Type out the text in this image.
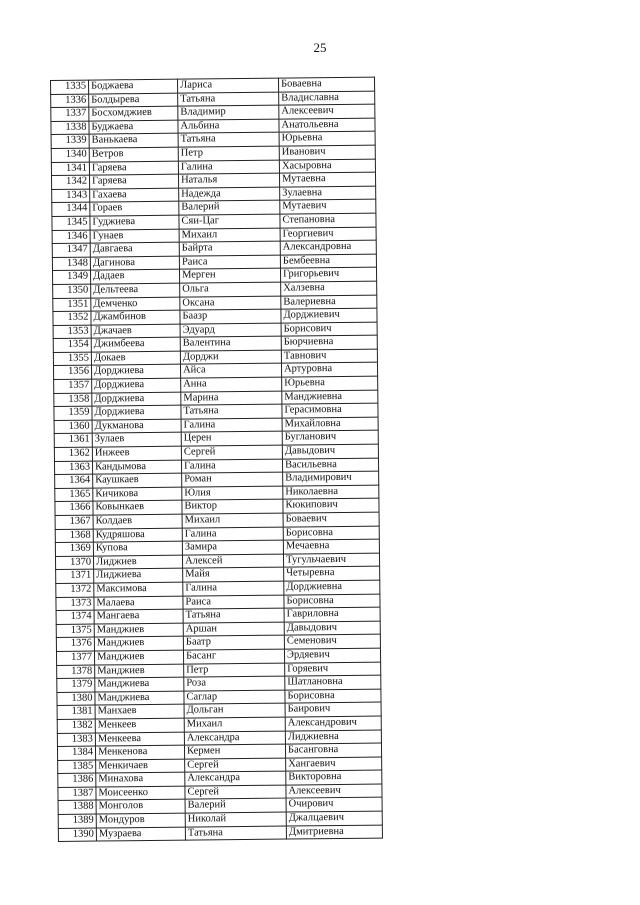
25
1335	Боджаева	Лариса	Боваевна
1336	Болдырева	Татьяна	Владиславна
1337	Босхомджиев	Владимир	Алексеевич
1338	Буджаева	Альбина	Анатольевна
1339	Ванькаева	Татьяна	Юрьевна
1340	Ветров	Петр	Иванович
1341	Гаряева	Галина	Хасыровна
1342	Гаряева	Наталья	Мутаевна
1343	Гахаева	Надежда	Зулаевна
1344	Гораев	Валерий	Мутаевич
1345	Гуджиева	Сяи-Цаг	Степановна
1346	Гунаев	Михаил	Георгиевич
1347	Давгаева	Байрта	Александровна
1348	Дагинова	Раиса	Бембеевна
1349	Дадаев	Мерген	Григорьевич
1350	Дельтеева	Ольга	Халзевна
1351	Демченко	Оксана	Валериевна
1352	Джамбинов	Баазр	Дорджиевич
1353	Джачаев	Эдуард	Борисович
1354	Джимбеева	Валентина	Бюрчиевна
1355	Докаев	Дорджи	Тавнович
1356	Дорджиева	Айса	Артуровна
1357	Дорджиева	Анна	Юрьевна
1358	Дорджиева	Марина	Манджиевна
1359	Дорджиева	Татьяна	Герасимовна
1360	Дукманова	Галина	Михайловна
1361	Зулаев	Церен	Бугланович
1362	Инжеев	Сергей	Давыдович
1363	Кандымова	Галина	Васильевна
1364	Каушкаев	Роман	Владимирович
1365	Кичикова	Юлия	Николаевна
1366	Ковынкаев	Виктор	Кюкипович
1367	Колдаев	Михаил	Боваевич
1368	Кудряшова	Галина	Борисовна
1369	Купова	Замира	Мечаевна
1370	Лиджиев	Алексей	Тугульчаевич
1371	Лиджиева	Майя	Четыревна
1372	Максимова	Галина	Дорджиевна
1373	Малаева	Раиса	Борисовна
1374	Мангаева	Татьяна	Гавриловна
1375	Манджиев	Аршан	Давыдович
1376	Манджиев	Баатр	Семенович
1377	Манджиев	Басанг	Эрдяевич
1378	Манджиев	Петр	Горяевич
1379	Манджиева	Роза	Шатлановна
1380	Манджиева	Саглар	Борисовна
1381	Манхаев	Дольган	Баирович
1382	Менкеев	Михаил	Александрович
1383	Менкеева	Александра	Лиджиевна
1384	Менкенова	Кермен	Басанговна
1385	Менкичаев	Сергей	Хангаевич
1386	Минахова	Александра	Викторовна
1387	Моисеенко	Сергей	Алексеевич
1388	Монголов	Валерий	Очирович
1389	Мондуров	Николай	Джалцаевич
1390	Музраева	Татьяна	Дмитриевна
